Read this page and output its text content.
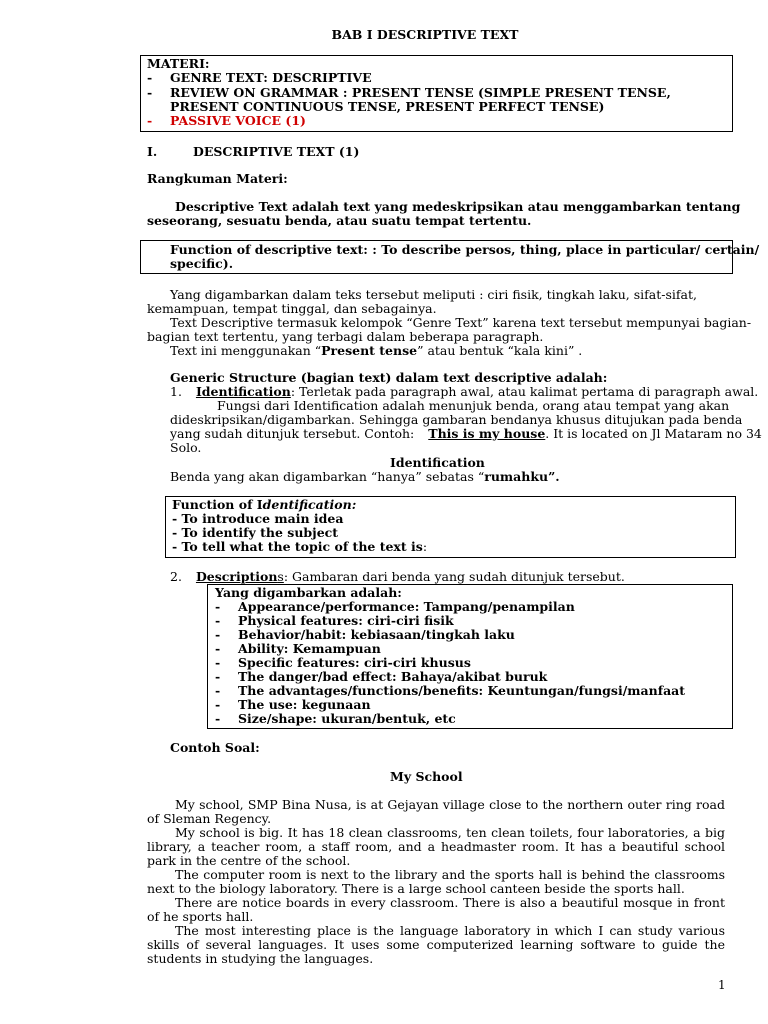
BAB I DESCRIPTIVE TEXT
MATERI:
- GENRE TEXT: DESCRIPTIVE
- REVIEW ON GRAMMAR : PRESENT TENSE (SIMPLE PRESENT TENSE,
PRESENT CONTINUOUS TENSE, PRESENT PERFECT TENSE)
- PASSIVE VOICE (1)
I.	DESCRIPTIVE TEXT (1)
Rangkuman Materi:
Descriptive Text adalah text yang medeskripsikan atau menggambarkan tentang
seseorang, sesuatu benda, atau suatu tempat tertentu.
Function of descriptive text: : To describe persos, thing, place in particular/ certain/
specific).
Yang digambarkan dalam teks tersebut meliputi : ciri fisik, tingkah laku, sifat-sifat,
kemampuan, tempat tinggal, dan sebagainya.
Text Descriptive termasuk kelompok “Genre Text” karena text tersebut mempunyai bagian-
bagian text tertentu, yang terbagi dalam beberapa paragraph.
Text ini menggunakan “Present tense” atau bentuk “kala kini” .
Generic Structure (bagian text) dalam text descriptive adalah:
1. Identification: Terletak pada paragraph awal, atau kalimat pertama di paragraph awal.
Fungsi dari Identification adalah menunjuk benda, orang atau tempat yang akan
dideskripsikan/digambarkan. Sehingga gambaran bendanya khusus ditujukan pada benda
yang sudah ditunjuk tersebut. Contoh: This is my house. It is located on Jl Mataram no 34
Solo.
Identification
Benda yang akan digambarkan “hanya” sebatas “rumahku”.
Function of Identification:
- To introduce main idea
- To identify the subject
- To tell what the topic of the text is:
2. Descriptions: Gambaran dari benda yang sudah ditunjuk tersebut.
Yang digambarkan adalah:
- Appearance/performance: Tampang/penampilan
- Physical features: ciri-ciri fisik
- Behavior/habit: kebiasaan/tingkah laku
- Ability: Kemampuan
- Specific features: ciri-ciri khusus
- The danger/bad effect: Bahaya/akibat buruk
- The advantages/functions/benefits: Keuntungan/fungsi/manfaat
- The use: kegunaan
- Size/shape: ukuran/bentuk, etc
Contoh Soal:
My School
My school, SMP Bina Nusa, is at Gejayan village close to the northern outer ring road of Sleman Regency.
My school is big. It has 18 clean classrooms, ten clean toilets, four laboratories, a big library, a teacher room, a staff room, and a headmaster room. It has a beautiful school park in the centre of the school.
The computer room is next to the library and the sports hall is behind the classrooms next to the biology laboratory. There is a large school canteen beside the sports hall.
There are notice boards in every classroom. There is also a beautiful mosque in front of he sports hall.
The most interesting place is the language laboratory in which I can study various skills of several languages. It uses some computerized learning software to guide the students in studying the languages.
1
